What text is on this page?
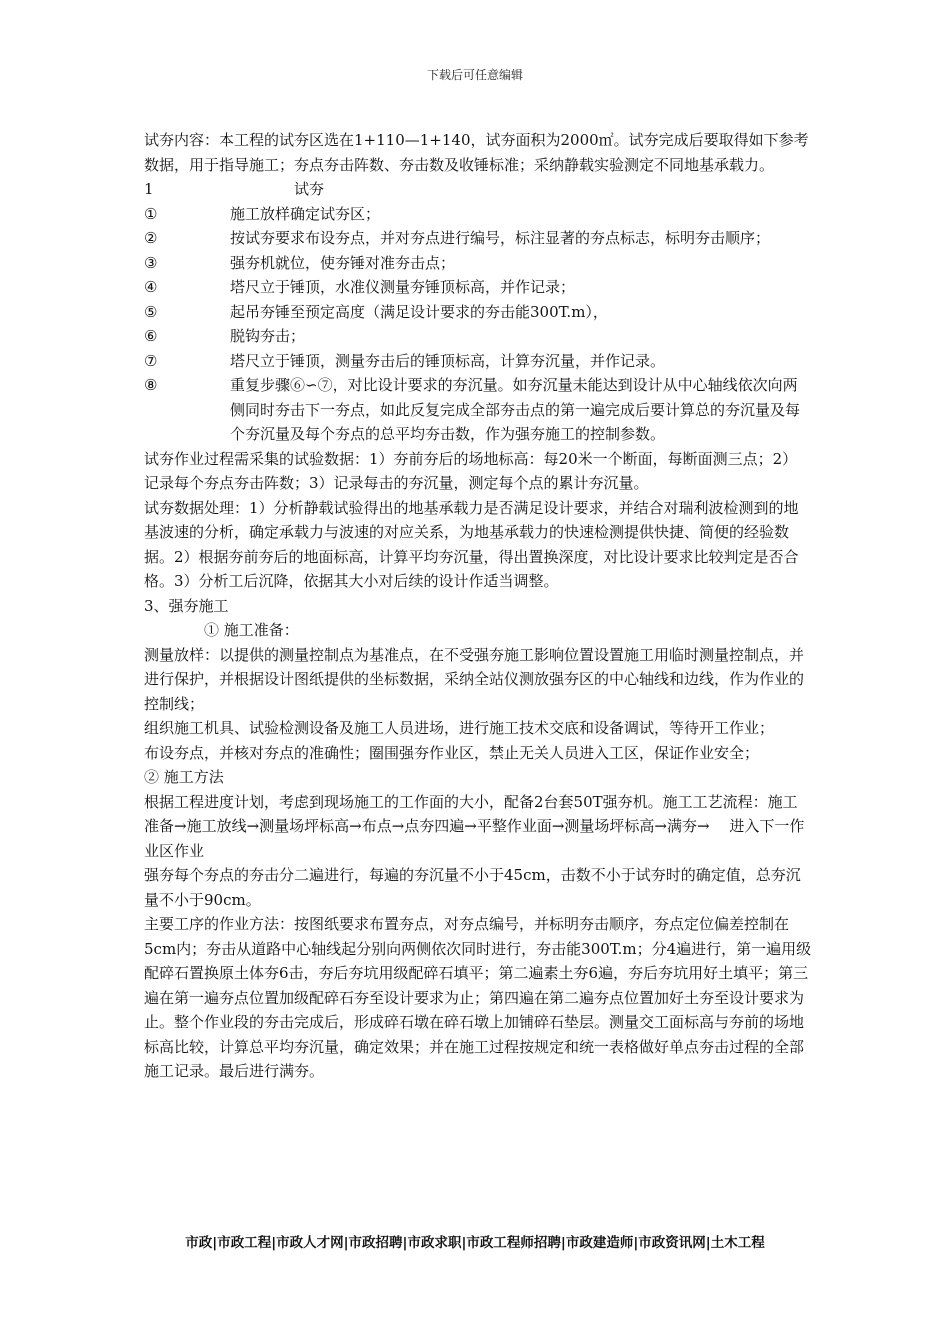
下载后可任意编辑

试夯内容：本工程的试夯区选在1+110—1+140，试夯面积为2000㎡。试夯完成后要取得如下参考数据，用于指导施工；夯点夯击阵数、夯击数及收锤标准；采纳静载实验测定不同地基承载力。

1	试夯
①	施工放样确定试夯区；
②	按试夯要求布设夯点，并对夯点进行编号，标注显著的夯点标志，标明夯击顺序；
③	强夯机就位，使夯锤对准夯击点；
④	塔尺立于锤顶，水准仪测量夯锤顶标高，并作记录；
⑤	起吊夯锤至预定高度（满足设计要求的夯击能300T.m），
⑥	脱钩夯击；
⑦	塔尺立于锤顶，测量夯击后的锤顶标高，计算夯沉量，并作记录。
⑧	重复步骤⑥∽⑦，对比设计要求的夯沉量。如夯沉量未能达到设计从中心轴线依次向两侧同时夯击下一夯点，如此反复完成全部夯击点的第一遍完成后要计算总的夯沉量及每个夯沉量及每个夯点的总平均夯击数，作为强夯施工的控制参数。

试夯作业过程需采集的试验数据：1）夯前夯后的场地标高：每20米一个断面，每断面测三点；2）记录每个夯点夯击阵数；3）记录每击的夯沉量，测定每个点的累计夯沉量。

试夯数据处理：1）分析静载试验得出的地基承载力是否满足设计要求，并结合对瑞利波检测到的地基波速的分析，确定承载力与波速的对应关系，为地基承载力的快速检测提供快捷、简便的经验数据。2）根据夯前夯后的地面标高，计算平均夯沉量，得出置换深度，对比设计要求比较判定是否合格。3）分析工后沉降，依据其大小对后续的设计作适当调整。

3、强夯施工

① 施工准备：

测量放样：以提供的测量控制点为基准点，在不受强夯施工影响位置设置施工用临时测量控制点，并进行保护，并根据设计图纸提供的坐标数据，采纳全站仪测放强夯区的中心轴线和边线，作为作业的控制线；

组织施工机具、试验检测设备及施工人员进场，进行施工技术交底和设备调试，等待开工作业；

布设夯点，并核对夯点的准确性；圈围强夯作业区，禁止无关人员进入工区，保证作业安全；

② 施工方法

根据工程进度计划，考虑到现场施工的工作面的大小，配备2台套50T强夯机。施工工艺流程：施工准备→施工放线→测量场坪标高→布点→点夯四遍→平整作业面→测量场坪标高→满夯→　 进入下一作业区作业

强夯每个夯点的夯击分二遍进行，每遍的夯沉量不小于45cm，击数不小于试夯时的确定值，总夯沉量不小于90cm。

主要工序的作业方法：按图纸要求布置夯点，对夯点编号，并标明夯击顺序，夯点定位偏差控制在5cm内；夯击从道路中心轴线起分别向两侧依次同时进行，夯击能300T.m；分4遍进行，第一遍用级配碎石置换原土体夯6击，夯后夯坑用级配碎石填平；第二遍素土夯6遍，夯后夯坑用好土填平；第三遍在第一遍夯点位置加级配碎石夯至设计要求为止；第四遍在第二遍夯点位置加好土夯至设计要求为止。整个作业段的夯击完成后，形成碎石墩在碎石墩上加铺碎石垫层。测量交工面标高与夯前的场地标高比较，计算总平均夯沉量，确定效果；并在施工过程按规定和统一表格做好单点夯击过程的全部施工记录。最后进行满夯。

市政|市政工程|市政人才网|市政招聘|市政求职|市政工程师招聘|市政建造师|市政资讯网|土木工程
